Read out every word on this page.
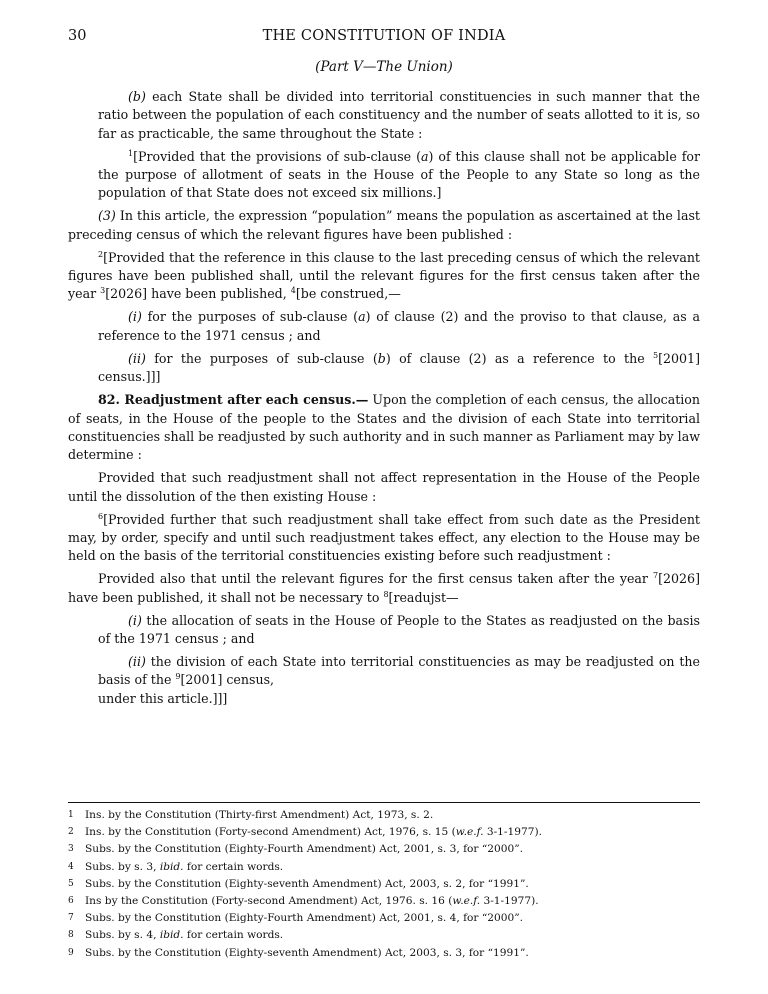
30	THE CONSTITUTION OF INDIA
(Part V—The Union)

(b) each State shall be divided into territorial constituencies in such manner that the ratio between the population of each constituency and the number of seats allotted to it is, so far as practicable, the same throughout the State :

$^1$[Provided that the provisions of sub-clause (a) of this clause shall not be applicable for the purpose of allotment of seats in the House of the People to any State so long as the population of that State does not exceed six millions.]

(3) In this article, the expression “population” means the population as ascertained at the last preceding census of which the relevant figures have been published :

$^2$[Provided that the reference in this clause to the last preceding census of which the relevant figures have been published shall, until the relevant figures for the first census taken after the year $^3$[2026] have been published, $^4$[be construed,—

(i) for the purposes of sub-clause (a) of clause (2) and the proviso to that clause, as a reference to the 1971 census ; and

(ii) for the purposes of sub-clause (b) of clause (2) as a reference to the $^5$[2001] census.]]]

82. Readjustment after each census.— Upon the completion of each census, the allocation of seats, in the House of the people to the States and the division of each State into territorial constituencies shall be readjusted by such authority and in such manner as Parliament may by law determine :

Provided that such readjustment shall not affect representation in the House of the People until the dissolution of the then existing House :

$^6$[Provided further that such readjustment shall take effect from such date as the President may, by order, specify and until such readjustment takes effect, any election to the House may be held on the basis of the territorial constituencies existing before such readjustment :

Provided also that until the relevant figures for the first census taken after the year $^7$[2026] have been published, it shall not be necessary to $^8$[readujst—

(i) the allocation of seats in the House of People to the States as readjusted on the basis of the 1971 census ; and

(ii) the division of each State into territorial constituencies as may be readjusted on the basis of the $^9$[2001] census,

under this article.]]]

1 Ins. by the Constitution (Thirty-first Amendment) Act, 1973, s. 2.
2 Ins. by the Constitution (Forty-second Amendment) Act, 1976, s. 15 (w.e.f. 3-1-1977).
3 Subs. by the Constitution (Eighty-Fourth Amendment) Act, 2001, s. 3, for “2000”.
4 Subs. by s. 3, ibid. for certain words.
5 Subs. by the Constitution (Eighty-seventh Amendment) Act, 2003, s. 2, for “1991”.
6 Ins by the Constitution (Forty-second Amendment) Act, 1976. s. 16 (w.e.f. 3-1-1977).
7 Subs. by the Constitution (Eighty-Fourth Amendment) Act, 2001, s. 4, for “2000”.
8 Subs. by s. 4, ibid. for certain words.
9 Subs. by the Constitution (Eighty-seventh Amendment) Act, 2003, s. 3, for “1991”.
